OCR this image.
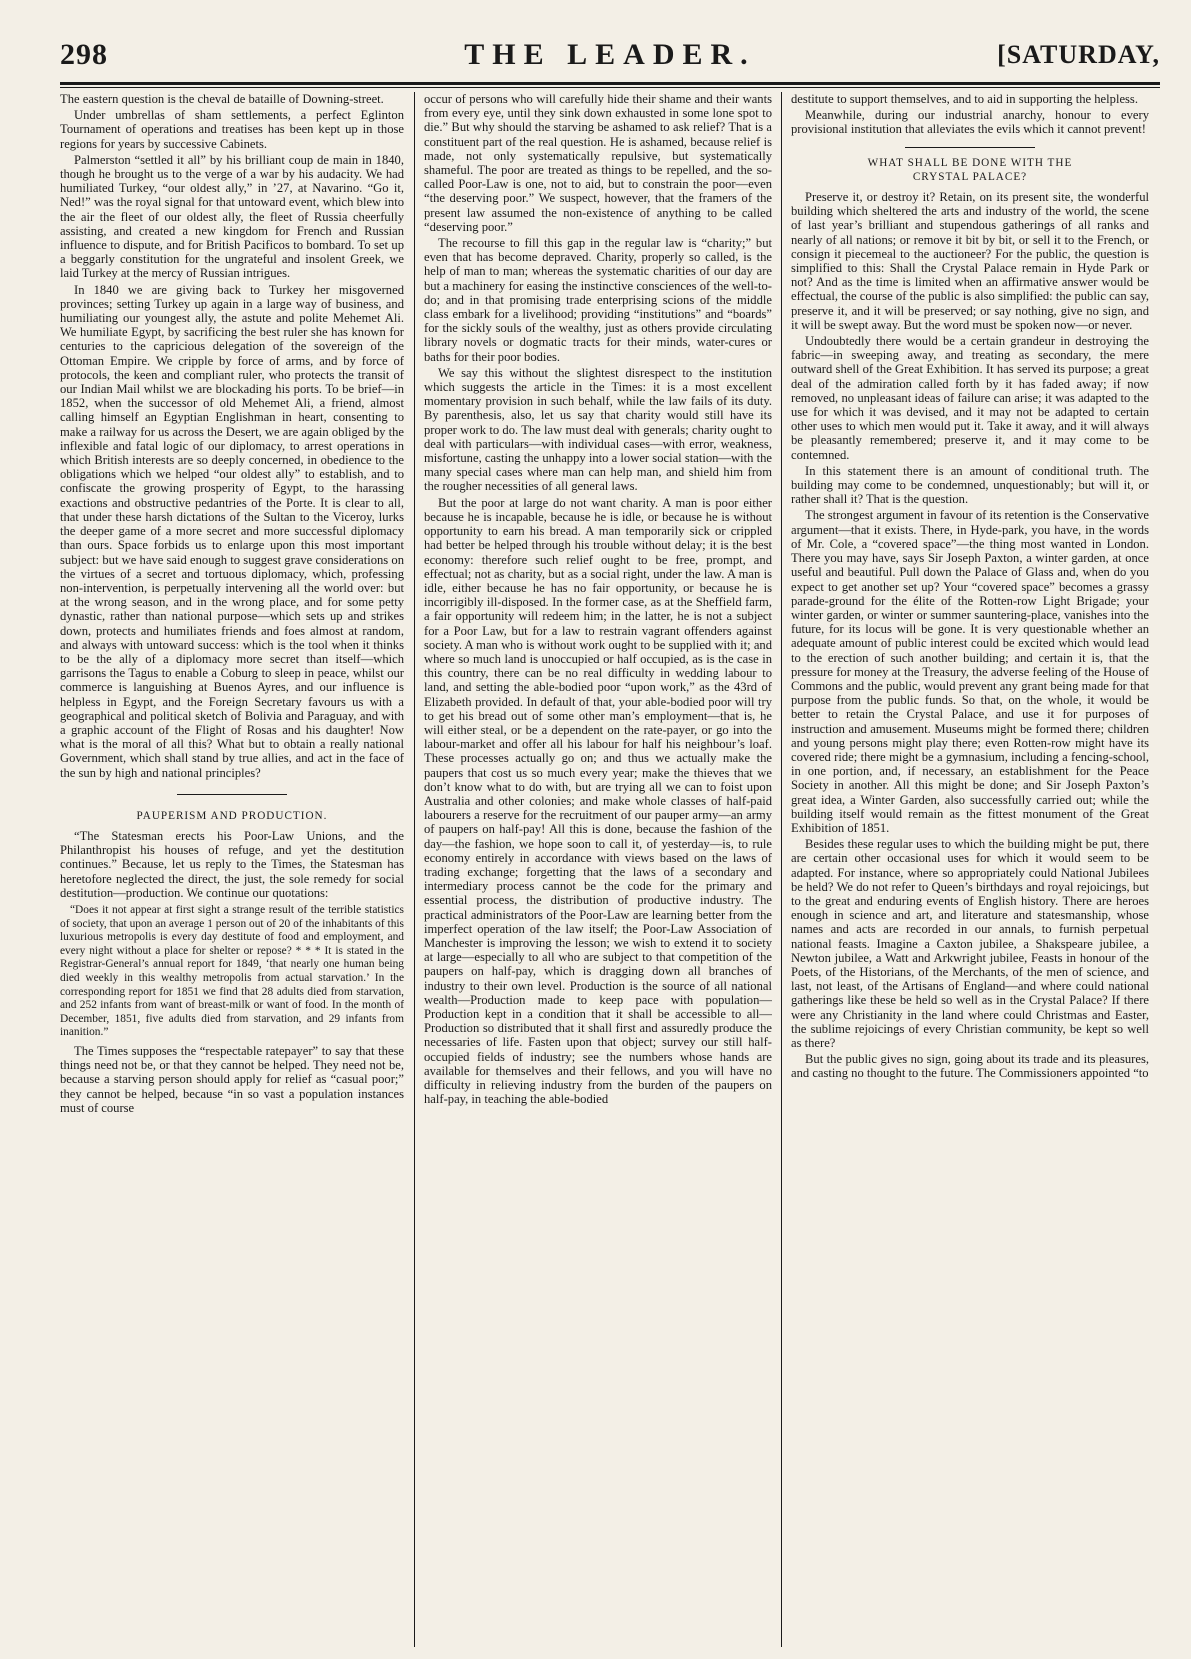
THE LEADER.
298	[SATURDAY,

The eastern question is the cheval de bataille of Downing-street.

Under umbrellas of sham settlements, a perfect Eglinton Tournament of operations and treatises has been kept up in those regions for years by successive Cabinets.

Palmerston “settled it all” by his brilliant coup de main in 1840, though he brought us to the verge of a war by his audacity. We had humiliated Turkey, “our oldest ally,” in ’27, at Navarino. “Go it, Ned!” was the royal signal for that untoward event, which blew into the air the fleet of our oldest ally, the fleet of Russia cheerfully assisting, and created a new kingdom for French and Russian influence to dispute, and for British Pacificos to bombard. To set up a beggarly constitution for the ungrateful and insolent Greek, we laid Turkey at the mercy of Russian intrigues.

In 1840 we are giving back to Turkey her misgoverned provinces; setting Turkey up again in a large way of business, and humiliating our youngest ally, the astute and polite Mehemet Ali. We humiliate Egypt, by sacrificing the best ruler she has known for centuries to the capricious delegation of the sovereign of the Ottoman Empire. We cripple by force of arms, and by force of protocols, the keen and compliant ruler, who protects the transit of our Indian Mail whilst we are blockading his ports. To be brief—in 1852, when the successor of old Mehemet Ali, a friend, almost calling himself an Egyptian Englishman in heart, consenting to make a railway for us across the Desert, we are again obliged by the inflexible and fatal logic of our diplomacy, to arrest operations in which British interests are so deeply concerned, in obedience to the obligations which we helped “our oldest ally” to establish, and to confiscate the growing prosperity of Egypt, to the harassing exactions and obstructive pedantries of the Porte. It is clear to all, that under these harsh dictations of the Sultan to the Viceroy, lurks the deeper game of a more secret and more successful diplomacy than ours. Space forbids us to enlarge upon this most important subject: but we have said enough to suggest grave considerations on the virtues of a secret and tortuous diplomacy, which, professing non-intervention, is perpetually intervening all the world over: but at the wrong season, and in the wrong place, and for some petty dynastic, rather than national purpose—which sets up and strikes down, protects and humiliates friends and foes almost at random, and always with untoward success: which is the tool when it thinks to be the ally of a diplomacy more secret than itself—which garrisons the Tagus to enable a Coburg to sleep in peace, whilst our commerce is languishing at Buenos Ayres, and our influence is helpless in Egypt, and the Foreign Secretary favours us with a geographical and political sketch of Bolivia and Paraguay, and with a graphic account of the Flight of Rosas and his daughter! Now what is the moral of all this? What but to obtain a really national Government, which shall stand by true allies, and act in the face of the sun by high and national principles?

PAUPERISM AND PRODUCTION.

“The Statesman erects his Poor-Law Unions, and the Philanthropist his houses of refuge, and yet the destitution continues.” Because, let us reply to the Times, the Statesman has heretofore neglected the direct, the just, the sole remedy for social destitution—production. We continue our quotations:

“Does it not appear at first sight a strange result of the terrible statistics of society, that upon an average 1 person out of 20 of the inhabitants of this luxurious metropolis is every day destitute of food and employment, and every night without a place for shelter or repose? * * * It is stated in the Registrar-General’s annual report for 1849, ‘that nearly one human being died weekly in this wealthy metropolis from actual starvation.’ In the corresponding report for 1851 we find that 28 adults died from starvation, and 252 infants from want of breast-milk or want of food. In the month of December, 1851, five adults died from starvation, and 29 infants from inanition.”

The Times supposes the “respectable ratepayer” to say that these things need not be, or that they cannot be helped. They need not be, because a starving person should apply for relief as “casual poor;” they cannot be helped, because “in so vast a population instances must of course

occur of persons who will carefully hide their shame and their wants from every eye, until they sink down exhausted in some lone spot to die.” But why should the starving be ashamed to ask relief? That is a constituent part of the real question. He is ashamed, because relief is made, not only systematically repulsive, but systematically shameful. The poor are treated as things to be repelled, and the so-called Poor-Law is one, not to aid, but to constrain the poor—even “the deserving poor.” We suspect, however, that the framers of the present law assumed the non-existence of anything to be called “deserving poor.”

The recourse to fill this gap in the regular law is “charity;” but even that has become depraved. Charity, properly so called, is the help of man to man; whereas the systematic charities of our day are but a machinery for easing the instinctive consciences of the well-to-do; and in that promising trade enterprising scions of the middle class embark for a livelihood; providing “institutions” and “boards” for the sickly souls of the wealthy, just as others provide circulating library novels or dogmatic tracts for their minds, water-cures or baths for their poor bodies.

We say this without the slightest disrespect to the institution which suggests the article in the Times: it is a most excellent momentary provision in such behalf, while the law fails of its duty. By parenthesis, also, let us say that charity would still have its proper work to do. The law must deal with generals; charity ought to deal with particulars—with individual cases—with error, weakness, misfortune, casting the unhappy into a lower social station—with the many special cases where man can help man, and shield him from the rougher necessities of all general laws.

But the poor at large do not want charity. A man is poor either because he is incapable, because he is idle, or because he is without opportunity to earn his bread. A man temporarily sick or crippled had better be helped through his trouble without delay; it is the best economy: therefore such relief ought to be free, prompt, and effectual; not as charity, but as a social right, under the law. A man is idle, either because he has no fair opportunity, or because he is incorrigibly ill-disposed. In the former case, as at the Sheffield farm, a fair opportunity will redeem him; in the latter, he is not a subject for a Poor Law, but for a law to restrain vagrant offenders against society. A man who is without work ought to be supplied with it; and where so much land is unoccupied or half occupied, as is the case in this country, there can be no real difficulty in wedding labour to land, and setting the able-bodied poor “upon work,” as the 43rd of Elizabeth provided. In default of that, your able-bodied poor will try to get his bread out of some other man’s employment—that is, he will either steal, or be a dependent on the rate-payer, or go into the labour-market and offer all his labour for half his neighbour’s loaf. These processes actually go on; and thus we actually make the paupers that cost us so much every year; make the thieves that we don’t know what to do with, but are trying all we can to foist upon Australia and other colonies; and make whole classes of half-paid labourers a reserve for the recruitment of our pauper army—an army of paupers on half-pay! All this is done, because the fashion of the day—the fashion, we hope soon to call it, of yesterday—is, to rule economy entirely in accordance with views based on the laws of trading exchange; forgetting that the laws of a secondary and intermediary process cannot be the code for the primary and essential process, the distribution of productive industry. The practical administrators of the Poor-Law are learning better from the imperfect operation of the law itself; the Poor-Law Association of Manchester is improving the lesson; we wish to extend it to society at large—especially to all who are subject to that competition of the paupers on half-pay, which is dragging down all branches of industry to their own level. Production is the source of all national wealth—Production made to keep pace with population—Production kept in a condition that it shall be accessible to all—Production so distributed that it shall first and assuredly produce the necessaries of life. Fasten upon that object; survey our still half-occupied fields of industry; see the numbers whose hands are available for themselves and their fellows, and you will have no difficulty in relieving industry from the burden of the paupers on half-pay, in teaching the able-bodied

destitute to support themselves, and to aid in supporting the helpless.

Meanwhile, during our industrial anarchy, honour to every provisional institution that alleviates the evils which it cannot prevent!

WHAT SHALL BE DONE WITH THE
CRYSTAL PALACE?

Preserve it, or destroy it? Retain, on its present site, the wonderful building which sheltered the arts and industry of the world, the scene of last year’s brilliant and stupendous gatherings of all ranks and nearly of all nations; or remove it bit by bit, or sell it to the French, or consign it piecemeal to the auctioneer? For the public, the question is simplified to this: Shall the Crystal Palace remain in Hyde Park or not? And as the time is limited when an affirmative answer would be effectual, the course of the public is also simplified: the public can say, preserve it, and it will be preserved; or say nothing, give no sign, and it will be swept away. But the word must be spoken now—or never.

Undoubtedly there would be a certain grandeur in destroying the fabric—in sweeping away, and treating as secondary, the mere outward shell of the Great Exhibition. It has served its purpose; a great deal of the admiration called forth by it has faded away; if now removed, no unpleasant ideas of failure can arise; it was adapted to the use for which it was devised, and it may not be adapted to certain other uses to which men would put it. Take it away, and it will always be pleasantly remembered; preserve it, and it may come to be contemned.

In this statement there is an amount of conditional truth. The building may come to be condemned, unquestionably; but will it, or rather shall it? That is the question.

The strongest argument in favour of its retention is the Conservative argument—that it exists. There, in Hyde-park, you have, in the words of Mr. Cole, a “covered space”—the thing most wanted in London. There you may have, says Sir Joseph Paxton, a winter garden, at once useful and beautiful. Pull down the Palace of Glass and, when do you expect to get another set up? Your “covered space” becomes a grassy parade-ground for the élite of the Rotten-row Light Brigade; your winter garden, or winter or summer sauntering-place, vanishes into the future, for its locus will be gone. It is very questionable whether an adequate amount of public interest could be excited which would lead to the erection of such another building; and certain it is, that the pressure for money at the Treasury, the adverse feeling of the House of Commons and the public, would prevent any grant being made for that purpose from the public funds. So that, on the whole, it would be better to retain the Crystal Palace, and use it for purposes of instruction and amusement. Museums might be formed there; children and young persons might play there; even Rotten-row might have its covered ride; there might be a gymnasium, including a fencing-school, in one portion, and, if necessary, an establishment for the Peace Society in another. All this might be done; and Sir Joseph Paxton’s great idea, a Winter Garden, also successfully carried out; while the building itself would remain as the fittest monument of the Great Exhibition of 1851.

Besides these regular uses to which the building might be put, there are certain other occasional uses for which it would seem to be adapted. For instance, where so appropriately could National Jubilees be held? We do not refer to Queen’s birthdays and royal rejoicings, but to the great and enduring events of English history. There are heroes enough in science and art, and literature and statesmanship, whose names and acts are recorded in our annals, to furnish perpetual national feasts. Imagine a Caxton jubilee, a Shakspeare jubilee, a Newton jubilee, a Watt and Arkwright jubilee, Feasts in honour of the Poets, of the Historians, of the Merchants, of the men of science, and last, not least, of the Artisans of England—and where could national gatherings like these be held so well as in the Crystal Palace? If there were any Christianity in the land where could Christmas and Easter, the sublime rejoicings of every Christian community, be kept so well as there?

But the public gives no sign, going about its trade and its pleasures, and casting no thought to the future. The Commissioners appointed “to
